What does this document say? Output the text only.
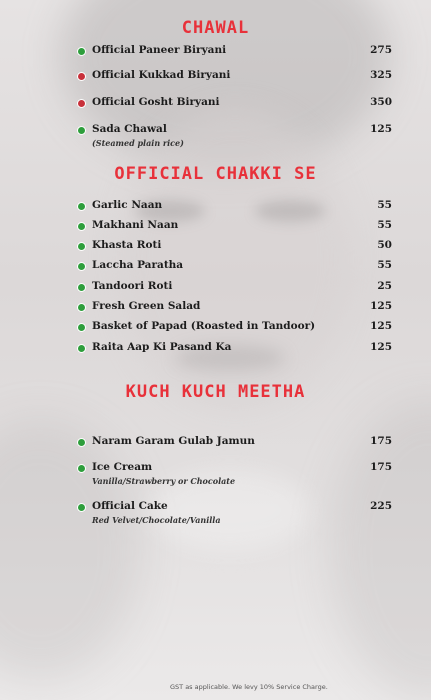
CHAWAL
Official Paneer Biryani	275
Official Kukkad Biryani	325
Official Gosht Biryani	350
Sada Chawal	125
(Steamed plain rice)
OFFICIAL CHAKKI SE
Garlic Naan	55
Makhani Naan	55
Khasta Roti	50
Laccha Paratha	55
Tandoori Roti	25
Fresh Green Salad	125
Basket of Papad (Roasted in Tandoor)	125
Raita Aap Ki Pasand Ka	125
KUCH KUCH MEETHA
Naram Garam Gulab Jamun	175
Ice Cream	175
Vanilla/Strawberry or Chocolate
Official Cake	225
Red Velvet/Chocolate/Vanilla
GST as applicable. We levy 10% Service Charge.
